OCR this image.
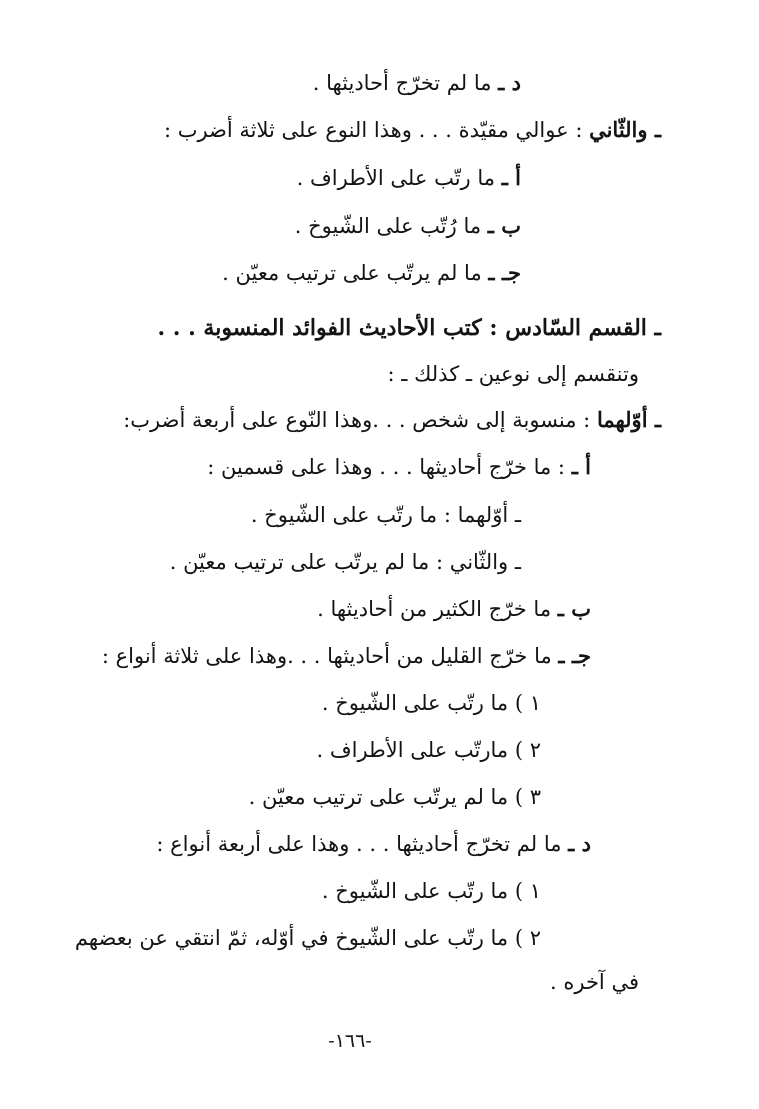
د ـ ما لم تخرّج أحاديثها .
ـ والثّاني : عوالي مقيّدة . . . وهذا النوع على ثلاثة أضرب :
أ ـ ما رتّب على الأطراف .
ب ـ ما رُتّب على الشّيوخ .
جـ ـ ما لم يرتّب على ترتيب معيّن .
ـ القسم السّادس : كتب الأحاديث الفوائد المنسوبة . . .
وتنقسم إلى نوعين ـ كذلك ـ :
ـ أوّلهما : منسوبة إلى شخص . . .وهذا النّوع على أربعة أضرب:
أ ـ : ما خرّج أحاديثها . . . وهذا على قسمين :
ـ أوّلهما : ما رتّب على الشّيوخ .
ـ والثّاني : ما لم يرتّب على ترتيب معيّن .
ب ـ ما خرّج الكثير من أحاديثها .
جـ ـ ما خرّج القليل من أحاديثها . . .وهذا على ثلاثة أنواع :
١ ) ما رتّب على الشّيوخ .
٢ ) مارتّب على الأطراف .
٣ ) ما لم يرتّب على ترتيب معيّن .
د ـ ما لم تخرّج أحاديثها . . . وهذا على أربعة أنواع :
١ ) ما رتّب على الشّيوخ .
٢ ) ما رتّب على الشّيوخ في أوّله، ثمّ انتقي عن بعضهم
في آخره .
-١٦٦-
